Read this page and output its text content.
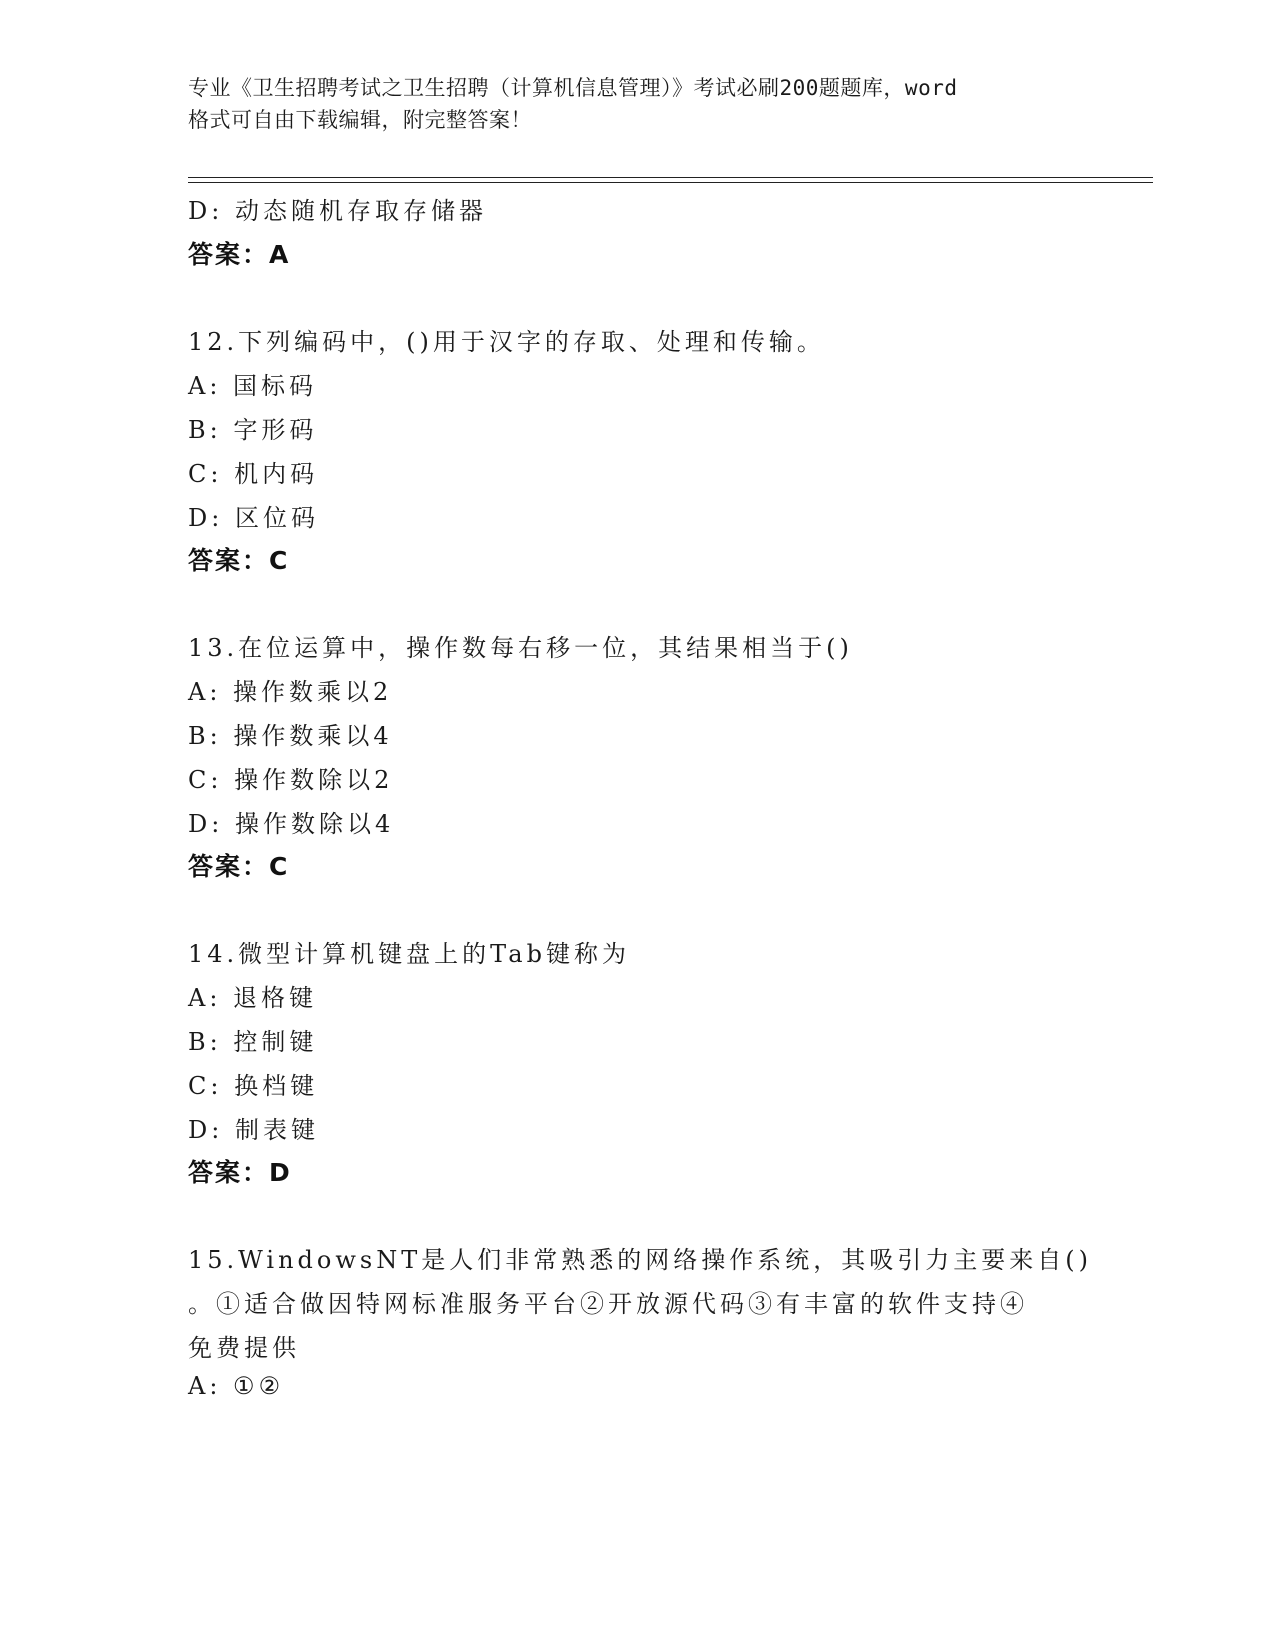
专业《卫生招聘考试之卫生招聘（计算机信息管理）》考试必刷200题题库，word
格式可自由下载编辑，附完整答案！
D: 动态随机存取存储器
答案：A
12.下列编码中，()用于汉字的存取、处理和传输。
A: 国标码
B: 字形码
C: 机内码
D: 区位码
答案：C
13.在位运算中，操作数每右移一位，其结果相当于()
A: 操作数乘以2
B: 操作数乘以4
C: 操作数除以2
D: 操作数除以4
答案：C
14.微型计算机键盘上的Tab键称为
A: 退格键
B: 控制键
C: 换档键
D: 制表键
答案：D
15.WindowsNT是人们非常熟悉的网络操作系统，其吸引力主要来自()
。①适合做因特网标准服务平台②开放源代码③有丰富的软件支持④
免费提供
A: ①②
